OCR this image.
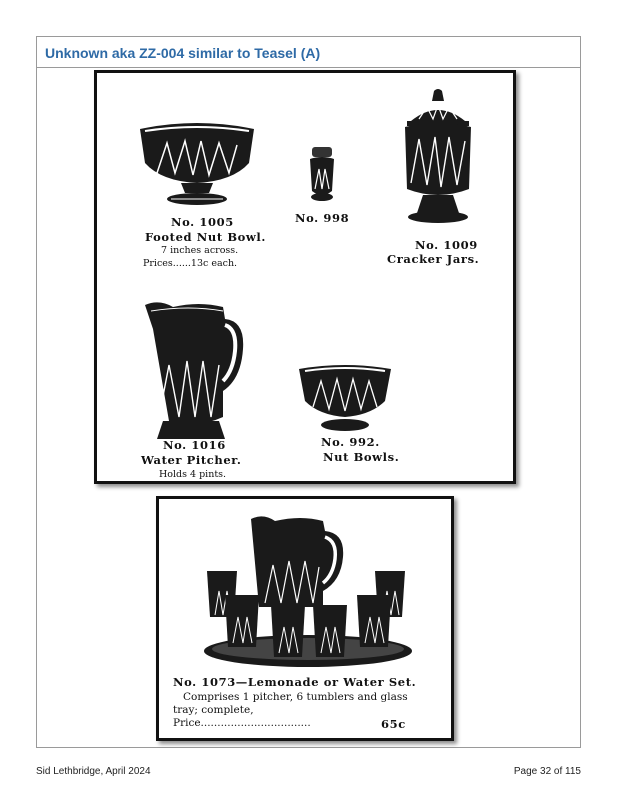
Unknown aka ZZ-004 similar to Teasel (A)
No. 1005
Footed Nut Bowl.
7 inches across.
Prices......13c each.
No. 998
No. 1009
Cracker Jars.
No. 1016
Water Pitcher.
Holds 4 pints.
No. 992.
Nut Bowls.
No. 1073—Lemonade or Water Set.
Comprises 1 pitcher, 6 tumblers and glass
tray; complete,
Price.................................	65c
Sid Lethbridge, April 2024	Page 32 of 115
